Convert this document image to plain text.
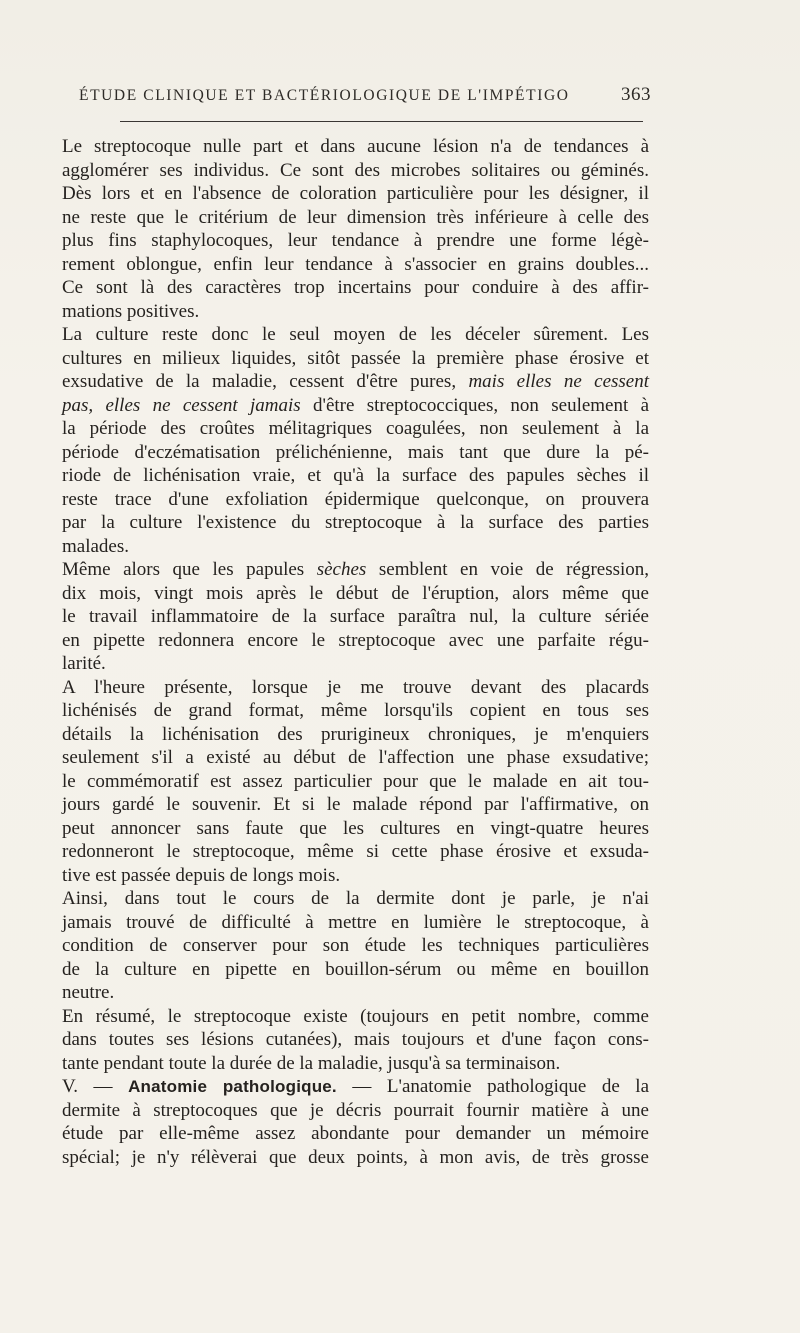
ÉTUDE CLINIQUE ET BACTÉRIOLOGIQUE DE L'IMPÉTIGO	363
Le streptocoque nulle part et dans aucune lésion n'a de tendances à
agglomérer ses individus. Ce sont des microbes solitaires ou géminés.
Dès lors et en l'absence de coloration particulière pour les désigner, il
ne reste que le critérium de leur dimension très inférieure à celle des
plus fins staphylocoques, leur tendance à prendre une forme légè-
rement oblongue, enfin leur tendance à s'associer en grains doubles...
Ce sont là des caractères trop incertains pour conduire à des affir-
mations positives.
La culture reste donc le seul moyen de les déceler sûrement. Les
cultures en milieux liquides, sitôt passée la première phase érosive et
exsudative de la maladie, cessent d'être pures, mais elles ne cessent
pas, elles ne cessent jamais d'être streptococciques, non seulement à
la période des croûtes mélitagriques coagulées, non seulement à la
période d'eczématisation prélichénienne, mais tant que dure la pé-
riode de lichénisation vraie, et qu'à la surface des papules sèches il
reste trace d'une exfoliation épidermique quelconque, on prouvera
par la culture l'existence du streptocoque à la surface des parties
malades.
Même alors que les papules sèches semblent en voie de régression,
dix mois, vingt mois après le début de l'éruption, alors même que
le travail inflammatoire de la surface paraîtra nul, la culture sériée
en pipette redonnera encore le streptocoque avec une parfaite régu-
larité.
A l'heure présente, lorsque je me trouve devant des placards
lichénisés de grand format, même lorsqu'ils copient en tous ses
détails la lichénisation des prurigineux chroniques, je m'enquiers
seulement s'il a existé au début de l'affection une phase exsudative;
le commémoratif est assez particulier pour que le malade en ait tou-
jours gardé le souvenir. Et si le malade répond par l'affirmative, on
peut annoncer sans faute que les cultures en vingt-quatre heures
redonneront le streptocoque, même si cette phase érosive et exsuda-
tive est passée depuis de longs mois.
Ainsi, dans tout le cours de la dermite dont je parle, je n'ai
jamais trouvé de difficulté à mettre en lumière le streptocoque, à
condition de conserver pour son étude les techniques particulières
de la culture en pipette en bouillon-sérum ou même en bouillon
neutre.
En résumé, le streptocoque existe (toujours en petit nombre, comme
dans toutes ses lésions cutanées), mais toujours et d'une façon cons-
tante pendant toute la durée de la maladie, jusqu'à sa terminaison.
V. — Anatomie pathologique. — L'anatomie pathologique de la
dermite à streptocoques que je décris pourrait fournir matière à une
étude par elle-même assez abondante pour demander un mémoire
spécial; je n'y rélèverai que deux points, à mon avis, de très grosse
